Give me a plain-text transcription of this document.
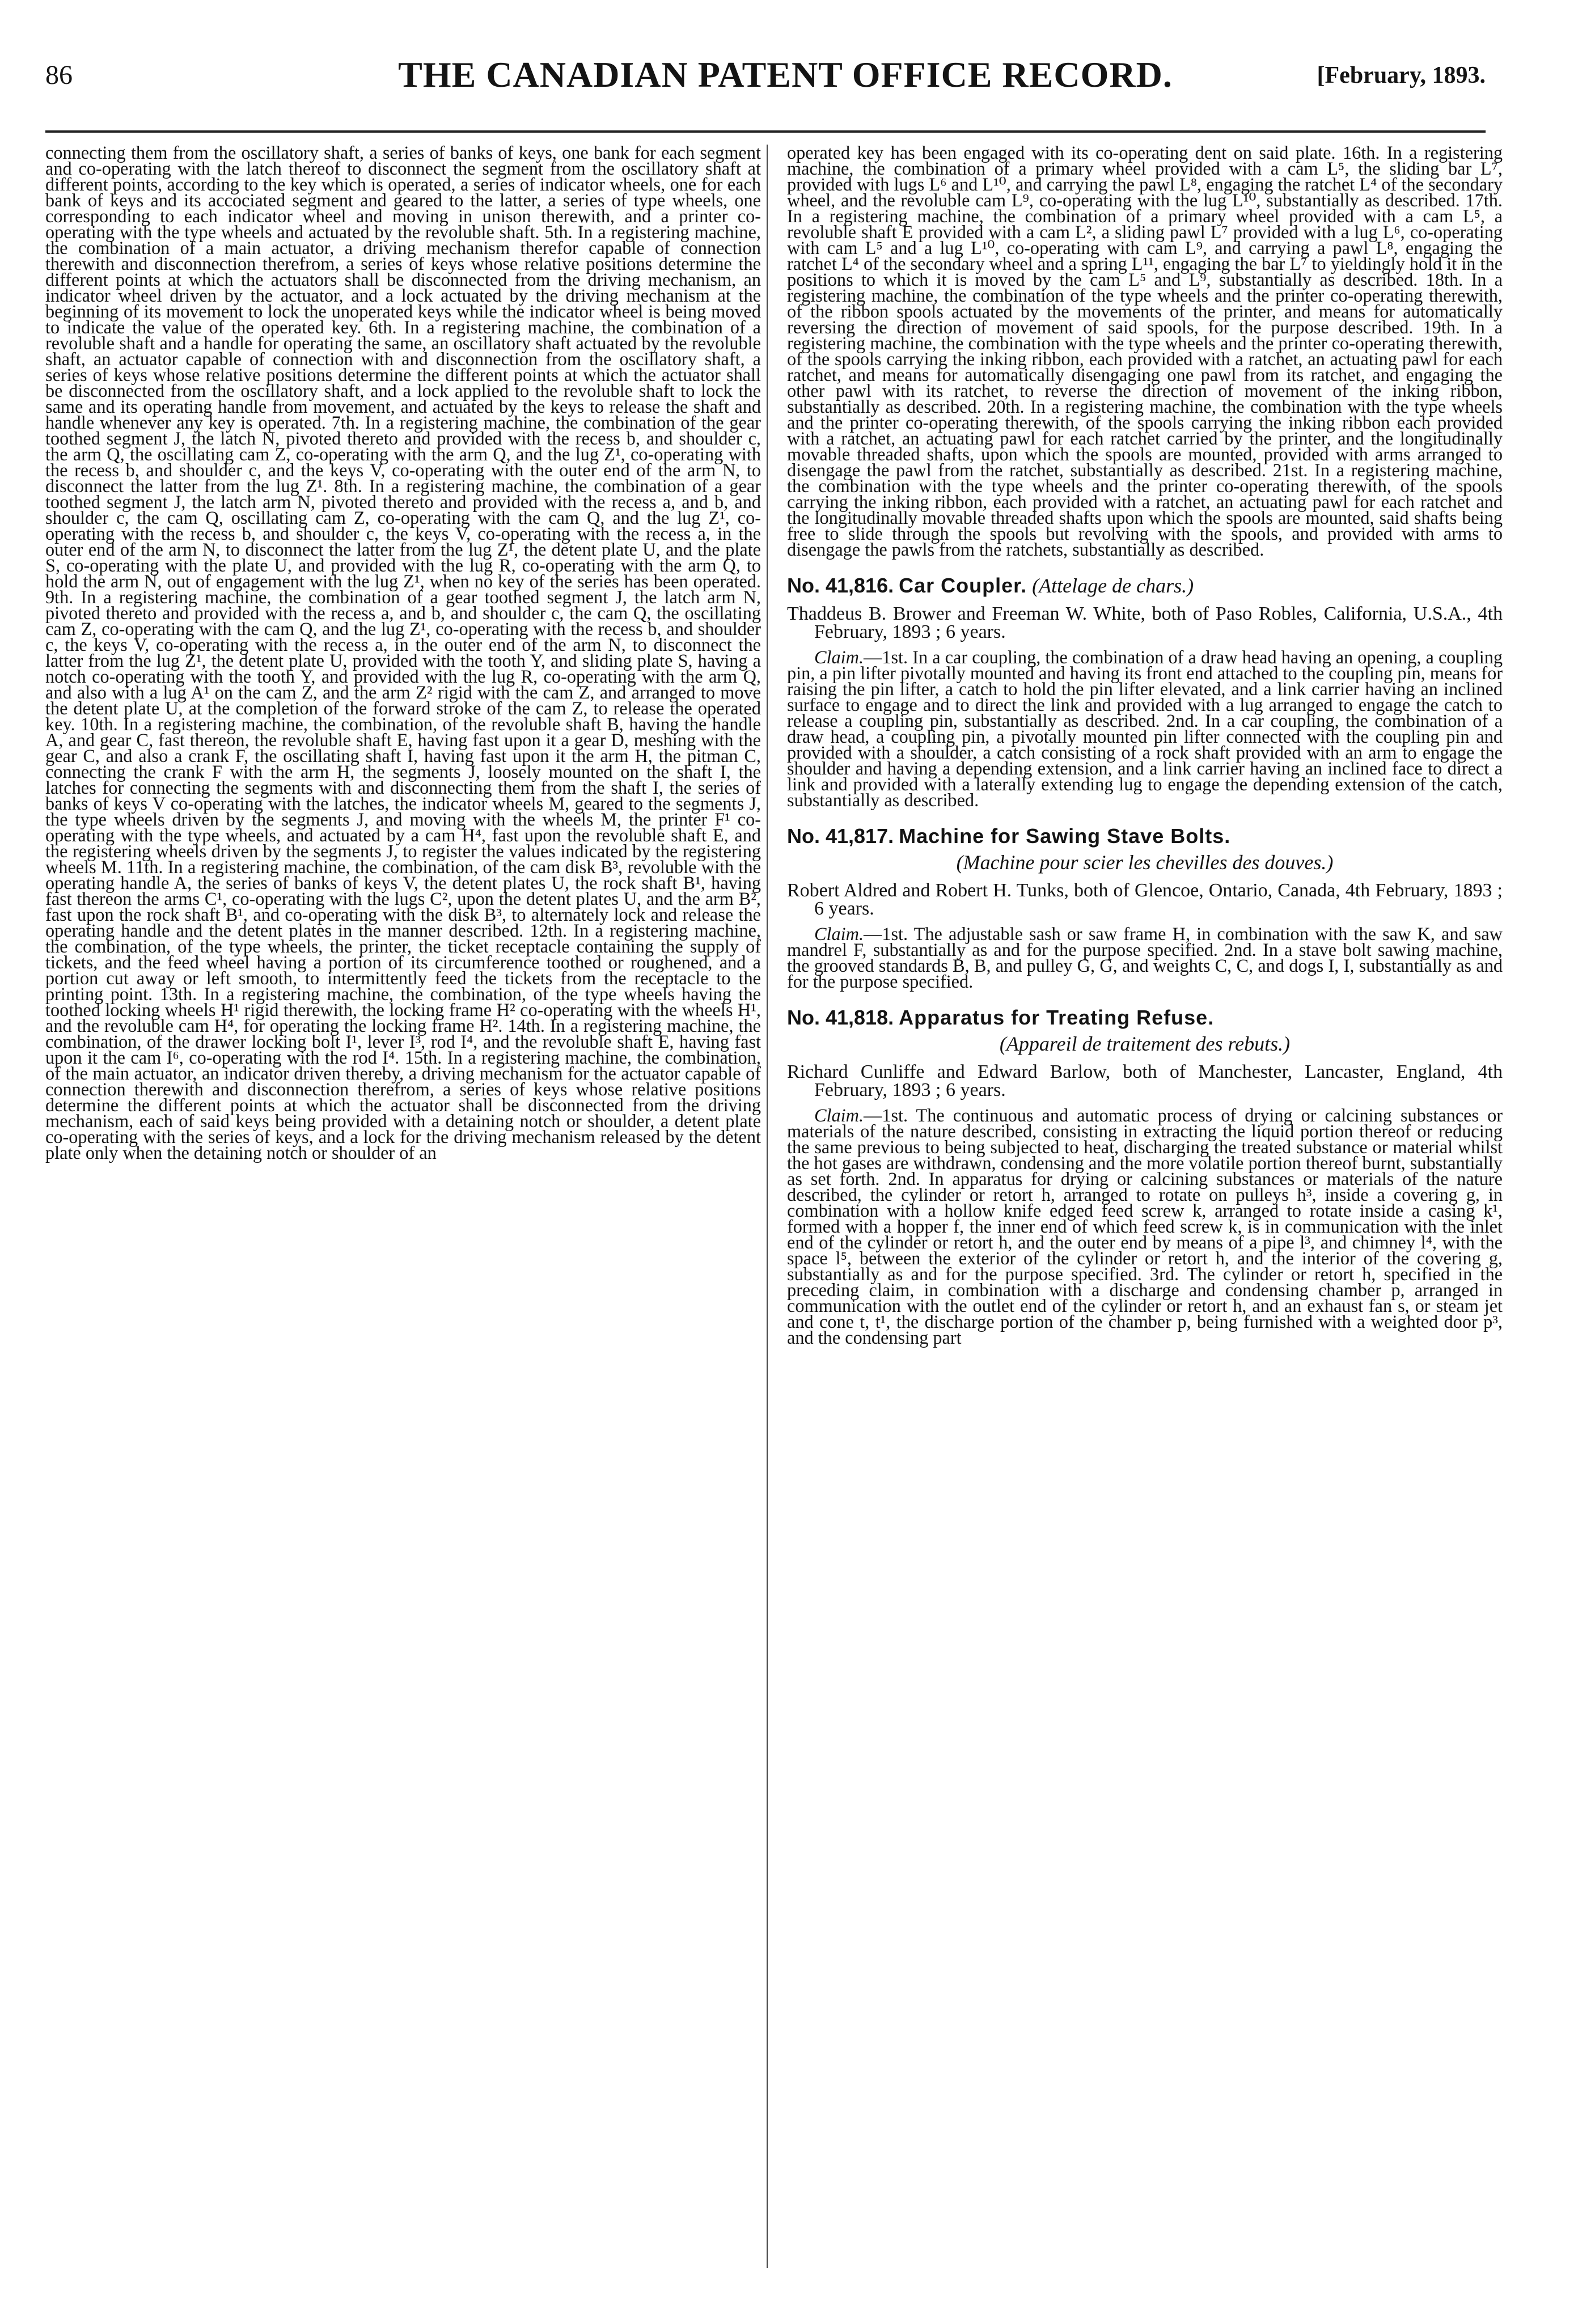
86	THE CANADIAN PATENT OFFICE RECORD.	[February, 1893.

connecting them from the oscillatory shaft, a series of banks of keys, one bank for each segment and co-operating with the latch thereof to disconnect the segment from the oscillatory shaft at different points, according to the key which is operated, a series of indicator wheels, one for each bank of keys and its accociated segment and geared to the latter, a series of type wheels, one corresponding to each indicator wheel and moving in unison therewith, and a printer co-operating with the type wheels and actuated by the revoluble shaft. 5th. In a registering machine, the combination of a main actuator, a driving mechanism therefor capable of connection therewith and disconnection therefrom, a series of keys whose relative positions determine the different points at which the actuators shall be disconnected from the driving mechanism, an indicator wheel driven by the actuator, and a lock actuated by the driving mechanism at the beginning of its movement to lock the unoperated keys while the indicator wheel is being moved to indicate the value of the operated key. 6th. In a registering machine, the combination of a revoluble shaft and a handle for operating the same, an oscillatory shaft actuated by the revoluble shaft, an actuator capable of connection with and disconnection from the oscillatory shaft, a series of keys whose relative positions determine the different points at which the actuator shall be disconnected from the oscillatory shaft, and a lock applied to the revoluble shaft to lock the same and its operating handle from movement, and actuated by the keys to release the shaft and handle whenever any key is operated. 7th. In a registering machine, the combination of the gear toothed segment J, the latch N, pivoted thereto and provided with the recess b, and shoulder c, the arm Q, the oscillating cam Z, co-operating with the arm Q, and the lug Z¹, co-operating with the recess b, and shoulder c, and the keys V, co-operating with the outer end of the arm N, to disconnect the latter from the lug Z¹. 8th. In a registering machine, the combination of a gear toothed segment J, the latch arm N, pivoted thereto and provided with the recess a, and b, and shoulder c, the cam Q, oscillating cam Z, co-operating with the cam Q, and the lug Z¹, co-operating with the recess b, and shoulder c, the keys V, co-operating with the recess a, in the outer end of the arm N, to disconnect the latter from the lug Z¹, the detent plate U, and the plate S, co-operating with the plate U, and provided with the lug R, co-operating with the arm Q, to hold the arm N, out of engagement with the lug Z¹, when no key of the series has been operated. 9th. In a registering machine, the combination of a gear toothed segment J, the latch arm N, pivoted thereto and provided with the recess a, and b, and shoulder c, the cam Q, the oscillating cam Z, co-operating with the cam Q, and the lug Z¹, co-operating with the recess b, and shoulder c, the keys V, co-operating with the recess a, in the outer end of the arm N, to disconnect the latter from the lug Z¹, the detent plate U, provided with the tooth Y, and sliding plate S, having a notch co-operating with the tooth Y, and provided with the lug R, co-operating with the arm Q, and also with a lug A¹ on the cam Z, and the arm Z² rigid with the cam Z, and arranged to move the detent plate U, at the completion of the forward stroke of the cam Z, to release the operated key. 10th. In a registering machine, the combination, of the revoluble shaft B, having the handle A, and gear C, fast thereon, the revoluble shaft E, having fast upon it a gear D, meshing with the gear C, and also a crank F, the oscillating shaft I, having fast upon it the arm H, the pitman C, connecting the crank F with the arm H, the segments J, loosely mounted on the shaft I, the latches for connecting the segments with and disconnecting them from the shaft I, the series of banks of keys V co-operating with the latches, the indicator wheels M, geared to the segments J, the type wheels driven by the segments J, and moving with the wheels M, the printer F¹ co-operating with the type wheels, and actuated by a cam H⁴, fast upon the revoluble shaft E, and the registering wheels driven by the segments J, to register the values indicated by the registering wheels M. 11th. In a registering machine, the combination, of the cam disk B³, revoluble with the operating handle A, the series of banks of keys V, the detent plates U, the rock shaft B¹, having fast thereon the arms C¹, co-operating with the lugs C², upon the detent plates U, and the arm B², fast upon the rock shaft B¹, and co-operating with the disk B³, to alternately lock and release the operating handle and the detent plates in the manner described. 12th. In a registering machine, the combination, of the type wheels, the printer, the ticket receptacle containing the supply of tickets, and the feed wheel having a portion of its circumference toothed or roughened, and a portion cut away or left smooth, to intermittently feed the tickets from the receptacle to the printing point. 13th. In a registering machine, the combination, of the type wheels having the toothed locking wheels H¹ rigid therewith, the locking frame H² co-operating with the wheels H¹, and the revoluble cam H⁴, for operating the locking frame H². 14th. In a registering machine, the combination, of the drawer locking bolt I¹, lever I³, rod I⁴, and the revoluble shaft E, having fast upon it the cam I⁶, co-operating with the rod I⁴. 15th. In a registering machine, the combination, of the main actuator, an indicator driven thereby, a driving mechanism for the actuator capable of connection therewith and disconnection therefrom, a series of keys whose relative positions determine the different points at which the actuator shall be disconnected from the driving mechanism, each of said keys being provided with a detaining notch or shoulder, a detent plate co-operating with the series of keys, and a lock for the driving mechanism released by the detent plate only when the detaining notch or shoulder of an

operated key has been engaged with its co-operating dent on said plate. 16th. In a registering machine, the combination of a primary wheel provided with a cam L⁵, the sliding bar L⁷, provided with lugs L⁶ and L¹⁰, and carrying the pawl L⁸, engaging the ratchet L⁴ of the secondary wheel, and the revoluble cam L⁹, co-operating with the lug L¹⁰, substantially as described. 17th. In a registering machine, the combination of a primary wheel provided with a cam L⁵, a revoluble shaft E provided with a cam L², a sliding pawl L⁷ provided with a lug L⁶, co-operating with cam L⁵ and a lug L¹⁰, co-operating with cam L⁹, and carrying a pawl L⁸, engaging the ratchet L⁴ of the secondary wheel and a spring L¹¹, engaging the bar L⁷ to yieldingly hold it in the positions to which it is moved by the cam L⁵ and L⁹, substantially as described. 18th. In a registering machine, the combination of the type wheels and the printer co-operating therewith, of the ribbon spools actuated by the movements of the printer, and means for automatically reversing the direction of movement of said spools, for the purpose described. 19th. In a registering machine, the combination with the type wheels and the printer co-operating therewith, of the spools carrying the inking ribbon, each provided with a ratchet, an actuating pawl for each ratchet, and means for automatically disengaging one pawl from its ratchet, and engaging the other pawl with its ratchet, to reverse the direction of movement of the inking ribbon, substantially as described. 20th. In a registering machine, the combination with the type wheels and the printer co-operating therewith, of the spools carrying the inking ribbon each provided with a ratchet, an actuating pawl for each ratchet carried by the printer, and the longitudinally movable threaded shafts, upon which the spools are mounted, provided with arms arranged to disengage the pawl from the ratchet, substantially as described. 21st. In a registering machine, the combination with the type wheels and the printer co-operating therewith, of the spools carrying the inking ribbon, each provided with a ratchet, an actuating pawl for each ratchet and the longitudinally movable threaded shafts upon which the spools are mounted, said shafts being free to slide through the spools but revolving with the spools, and provided with arms to disengage the pawls from the ratchets, substantially as described.

No. 41,816. Car Coupler. (Attelage de chars.)

Thaddeus B. Brower and Freeman W. White, both of Paso Robles, California, U.S.A., 4th February, 1893 ; 6 years.

Claim.—1st. In a car coupling, the combination of a draw head having an opening, a coupling pin, a pin lifter pivotally mounted and having its front end attached to the coupling pin, means for raising the pin lifter, a catch to hold the pin lifter elevated, and a link carrier having an inclined surface to engage and to direct the link and provided with a lug arranged to engage the catch to release a coupling pin, substantially as described. 2nd. In a car coupling, the combination of a draw head, a coupling pin, a pivotally mounted pin lifter connected with the coupling pin and provided with a shoulder, a catch consisting of a rock shaft provided with an arm to engage the shoulder and having a depending extension, and a link carrier having an inclined face to direct a link and provided with a laterally extending lug to engage the depending extension of the catch, substantially as described.

No. 41,817. Machine for Sawing Stave Bolts.

(Machine pour scier les chevilles des douves.)

Robert Aldred and Robert H. Tunks, both of Glencoe, Ontario, Canada, 4th February, 1893 ; 6 years.

Claim.—1st. The adjustable sash or saw frame H, in combination with the saw K, and saw mandrel F, substantially as and for the purpose specified. 2nd. In a stave bolt sawing machine, the grooved standards B, B, and pulley G, G, and weights C, C, and dogs I, I, substantially as and for the purpose specified.

No. 41,818. Apparatus for Treating Refuse.

(Appareil de traitement des rebuts.)

Richard Cunliffe and Edward Barlow, both of Manchester, Lancaster, England, 4th February, 1893 ; 6 years.

Claim.—1st. The continuous and automatic process of drying or calcining substances or materials of the nature described, consisting in extracting the liquid portion thereof or reducing the same previous to being subjected to heat, discharging the treated substance or material whilst the hot gases are withdrawn, condensing and the more volatile portion thereof burnt, substantially as set forth. 2nd. In apparatus for drying or calcining substances or materials of the nature described, the cylinder or retort h, arranged to rotate on pulleys h³, inside a covering g, in combination with a hollow knife edged feed screw k, arranged to rotate inside a casing k¹, formed with a hopper f, the inner end of which feed screw k, is in communication with the inlet end of the cylinder or retort h, and the outer end by means of a pipe l³, and chimney l⁴, with the space l⁵, between the exterior of the cylinder or retort h, and the interior of the covering g, substantially as and for the purpose specified. 3rd. The cylinder or retort h, specified in the preceding claim, in combination with a discharge and condensing chamber p, arranged in communication with the outlet end of the cylinder or retort h, and an exhaust fan s, or steam jet and cone t, t¹, the discharge portion of the chamber p, being furnished with a weighted door p³, and the condensing part
